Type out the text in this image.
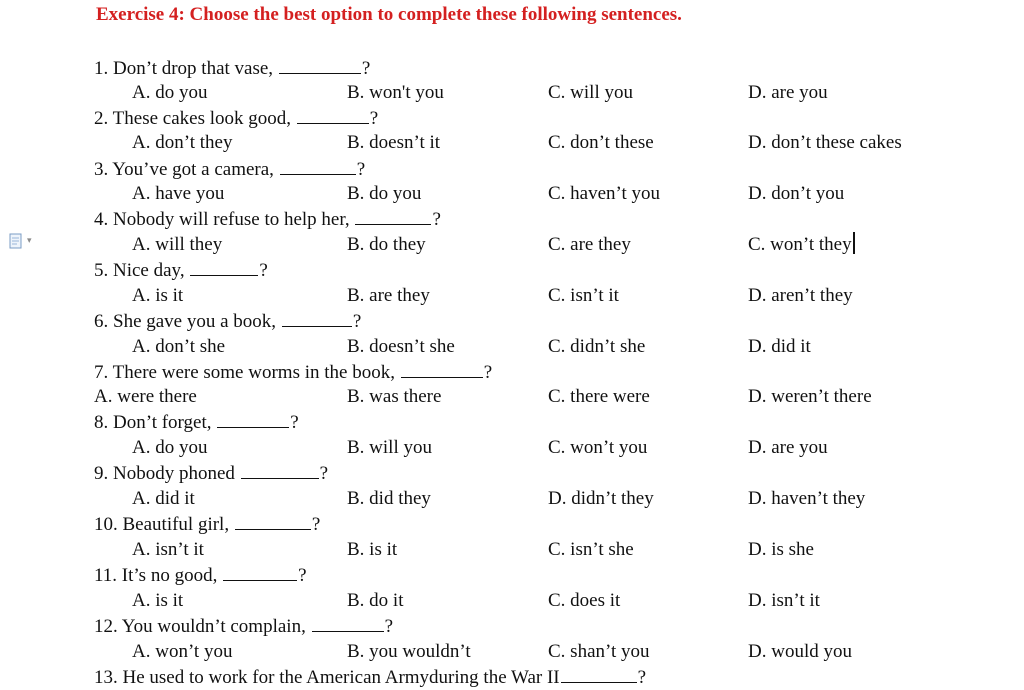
Exercise 4: Choose the best option to complete these following sentences.
▾
1. Don’t drop that vase,	?
A. do you	B. won't you	C. will you	D. are you
2. These cakes look good,	?
A. don’t they	B. doesn’t it	C. don’t these	D. don’t these cakes
3. You’ve got a camera,	?
A. have you	B. do you	C. haven’t you	D. don’t you
4. Nobody will refuse to help her,	?
A. will they	B. do they	C. are they	C. won’t they
5. Nice day,	?
A. is it	B. are they	C. isn’t it	D. aren’t they
6. She gave you a book,	?
A. don’t she	B. doesn’t she	C. didn’t she	D. did it
7. There were some worms in the book,	?
A. were there	B. was there	C. there were	D. weren’t there
8. Don’t forget,	?
A. do you	B. will you	C. won’t you	D. are you
9. Nobody phoned	?
A. did it	B. did they	D. didn’t they	D. haven’t they
10. Beautiful girl,	?
A. isn’t it	B. is it	C. isn’t she	D. is she
11. It’s no good,	?
A. is it	B. do it	C. does it	D. isn’t it
12. You wouldn’t complain,	?
A. won’t you	B. you wouldn’t	C. shan’t you	D. would you
13. He used to work for the American Armyduring the War II	?
